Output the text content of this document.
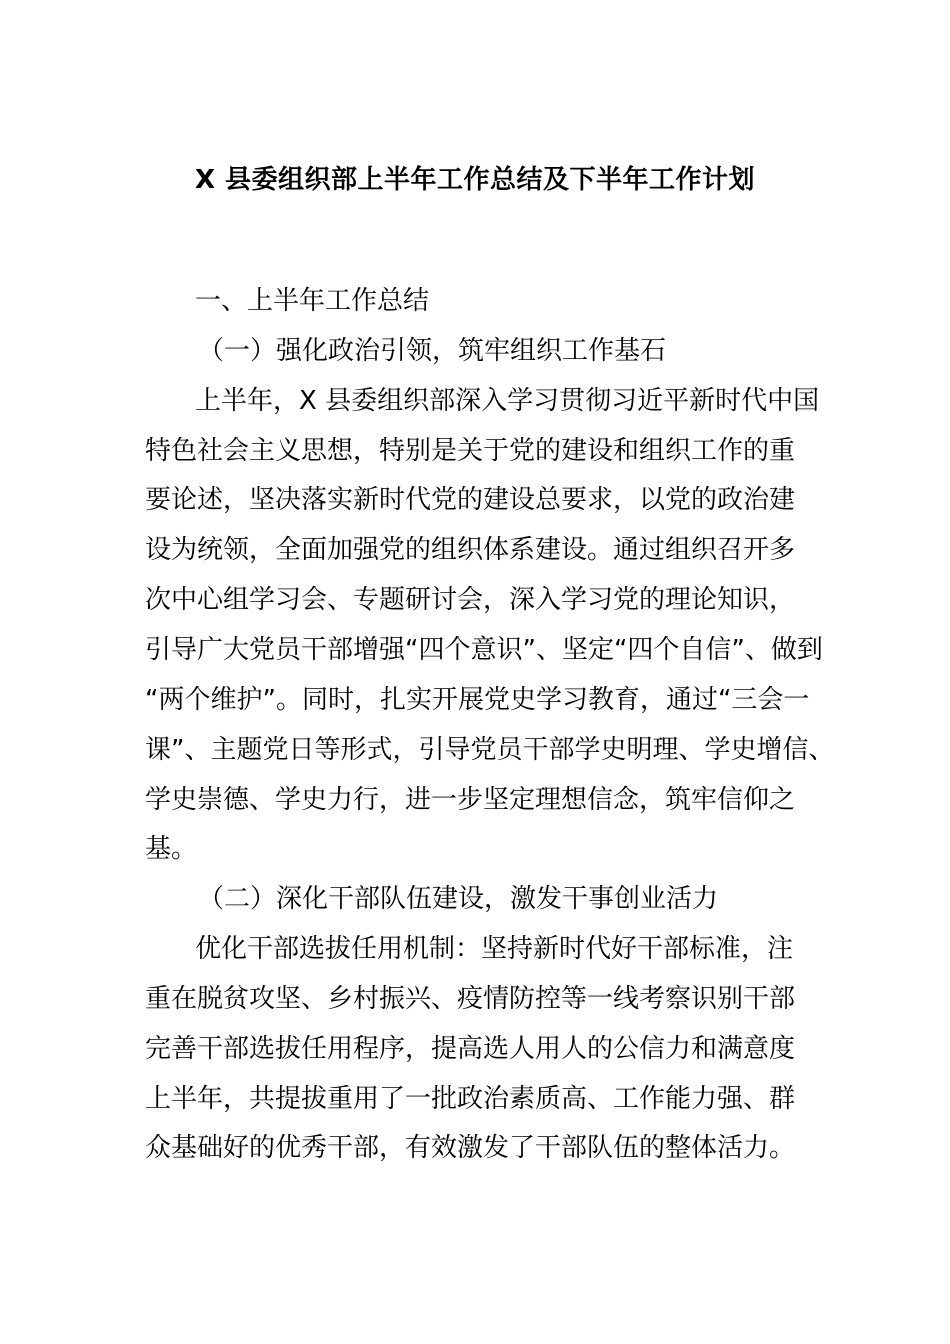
X 县委组织部上半年工作总结及下半年工作计划
一、上半年工作总结
（一）强化政治引领，筑牢组织工作基石
上半年，X 县委组织部深入学习贯彻习近平新时代中国
特色社会主义思想，特别是关于党的建设和组织工作的重
要论述，坚决落实新时代党的建设总要求，以党的政治建
设为统领，全面加强党的组织体系建设。通过组织召开多
次中心组学习会、专题研讨会，深入学习党的理论知识，
引导广大党员干部增强“四个意识”、坚定“四个自信”、做到
“两个维护”。同时，扎实开展党史学习教育，通过“三会一
课”、主题党日等形式，引导党员干部学史明理、学史增信、
学史崇德、学史力行，进一步坚定理想信念，筑牢信仰之
基。
（二）深化干部队伍建设，激发干事创业活力
优化干部选拔任用机制：坚持新时代好干部标准，注
重在脱贫攻坚、乡村振兴、疫情防控等一线考察识别干部
完善干部选拔任用程序，提高选人用人的公信力和满意度
上半年，共提拔重用了一批政治素质高、工作能力强、群
众基础好的优秀干部，有效激发了干部队伍的整体活力。
